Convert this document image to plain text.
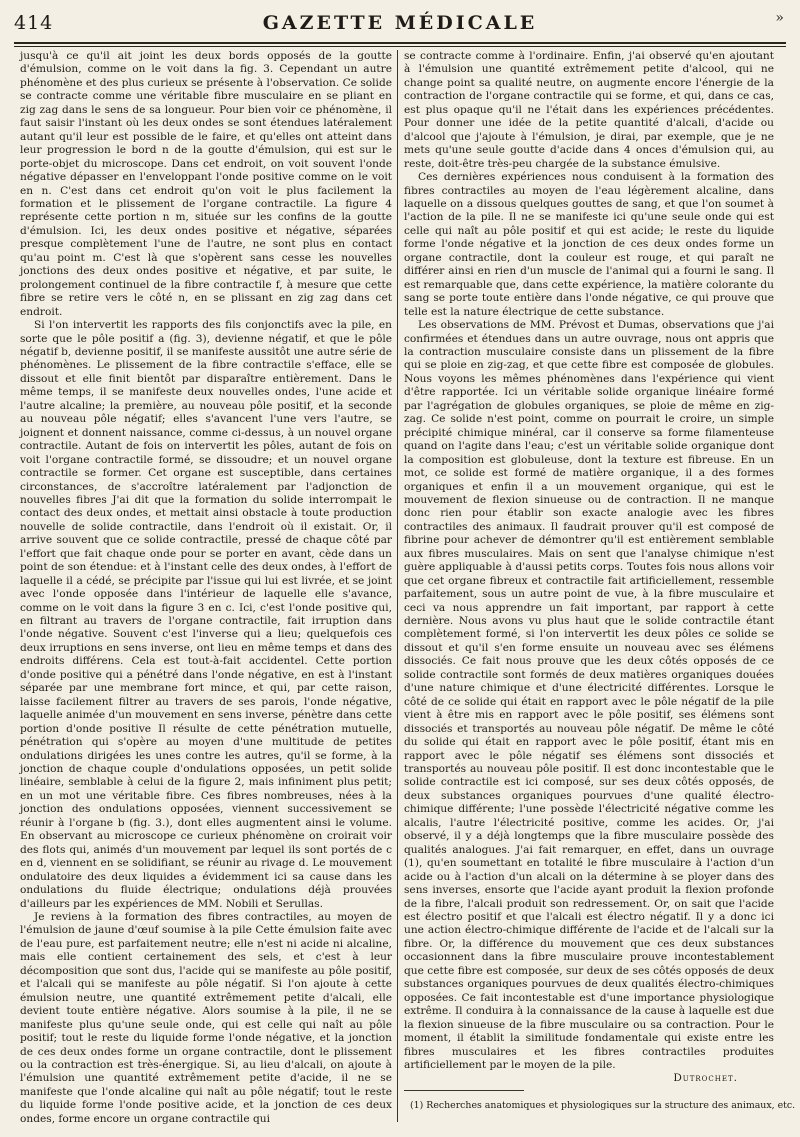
414	GAZETTE MÉDICALE	»

jusqu'à ce qu'il ait joint les deux bords opposés de la goutte d'émulsion, comme on le voit dans la fig. 3. Cependant un autre phénomène et des plus curieux se présente à l'observation. Ce solide se contracte comme une véritable fibre musculaire en se pliant en zig zag dans le sens de sa longueur. Pour bien voir ce phénomène, il faut saisir l'instant où les deux ondes se sont étendues latéralement autant qu'il leur est possible de le faire, et qu'elles ont atteint dans leur progression le bord n de la goutte d'émulsion, qui est sur le porte-objet du microscope. Dans cet endroit, on voit souvent l'onde négative dépasser en l'enveloppant l'onde positive comme on le voit en n. C'est dans cet endroit qu'on voit le plus facilement la formation et le plissement de l'organe contractile. La figure 4 représente cette portion n m, située sur les confins de la goutte d'émulsion. Ici, les deux ondes positive et négative, séparées presque complètement l'une de l'autre, ne sont plus en contact qu'au point m. C'est là que s'opèrent sans cesse les nouvelles jonctions des deux ondes positive et négative, et par suite, le prolongement continuel de la fibre contractile f, à mesure que cette fibre se retire vers le côté n, en se plissant en zig zag dans cet endroit.

Si l'on intervertit les rapports des fils conjonctifs avec la pile, en sorte que le pôle positif a (fig. 3), devienne négatif, et que le pôle négatif b, devienne positif, il se manifeste aussitôt une autre série de phénomènes. Le plissement de la fibre contractile s'efface, elle se dissout et elle finit bientôt par disparaître entièrement. Dans le même temps, il se manifeste deux nouvelles ondes, l'une acide et l'autre alcaline; la première, au nouveau pôle positif, et la seconde au nouveau pôle négatif; elles s'avancent l'une vers l'autre, se joignent et donnent naissance, comme ci-dessus, à un nouvel organe contractile. Autant de fois on intervertit les pôles, autant de fois on voit l'organe contractile formé, se dissoudre; et un nouvel organe contractile se former. Cet organe est susceptible, dans certaines circonstances, de s'accroître latéralement par l'adjonction de nouvelles fibres J'ai dit que la formation du solide interrompait le contact des deux ondes, et mettait ainsi obstacle à toute production nouvelle de solide contractile, dans l'endroit où il existait. Or, il arrive souvent que ce solide contractile, pressé de chaque côté par l'effort que fait chaque onde pour se porter en avant, cède dans un point de son étendue: et à l'instant celle des deux ondes, à l'effort de laquelle il a cédé, se précipite par l'issue qui lui est livrée, et se joint avec l'onde opposée dans l'intérieur de laquelle elle s'avance, comme on le voit dans la figure 3 en c. Ici, c'est l'onde positive qui, en filtrant au travers de l'organe contractile, fait irruption dans l'onde négative. Souvent c'est l'inverse qui a lieu; quelquefois ces deux irruptions en sens inverse, ont lieu en même temps et dans des endroits différens. Cela est tout-à-fait accidentel. Cette portion d'onde positive qui a pénétré dans l'onde négative, en est à l'instant séparée par une membrane fort mince, et qui, par cette raison, laisse facilement filtrer au travers de ses parois, l'onde négative, laquelle animée d'un mouvement en sens inverse, pénètre dans cette portion d'onde positive Il résulte de cette pénétration mutuelle, pénétration qui s'opère au moyen d'une multitude de petites ondulations dirigées les unes contre les autres, qu'il se forme, à la jonction de chaque couple d'ondulations opposées, un petit solide linéaire, semblable à celui de la figure 2, mais infiniment plus petit; en un mot une véritable fibre. Ces fibres nombreuses, nées à la jonction des ondulations opposées, viennent successivement se réunir à l'organe b (fig. 3.), dont elles augmentent ainsi le volume. En observant au microscope ce curieux phénomène on croirait voir des flots qui, animés d'un mouvement par lequel ils sont portés de c en d, viennent en se solidifiant, se réunir au rivage d. Le mouvement ondulatoire des deux liquides a évidemment ici sa cause dans les ondulations du fluide électrique; ondulations déjà prouvées d'ailleurs par les expériences de MM. Nobili et Serullas.

Je reviens à la formation des fibres contractiles, au moyen de l'émulsion de jaune d'œuf soumise à la pile Cette émulsion faite avec de l'eau pure, est parfaitement neutre; elle n'est ni acide ni alcaline, mais elle contient certainement des sels, et c'est à leur décomposition que sont dus, l'acide qui se manifeste au pôle positif, et l'alcali qui se manifeste au pôle négatif. Si l'on ajoute à cette émulsion neutre, une quantité extrêmement petite d'alcali, elle devient toute entière négative. Alors soumise à la pile, il ne se manifeste plus qu'une seule onde, qui est celle qui naît au pôle positif; tout le reste du liquide forme l'onde négative, et la jonction de ces deux ondes forme un organe contractile, dont le plissement ou la contraction est très-énergique. Si, au lieu d'alcali, on ajoute à l'émulsion une quantité extrêmement petite d'acide, il ne se manifeste que l'onde alcaline qui naît au pôle négatif; tout le reste du liquide forme l'onde positive acide, et la jonction de ces deux ondes, forme encore un organe contractile qui

se contracte comme à l'ordinaire. Enfin, j'ai observé qu'en ajoutant à l'émulsion une quantité extrêmement petite d'alcool, qui ne change point sa qualité neutre, on augmente encore l'énergie de la contraction de l'organe contractile qui se forme, et qui, dans ce cas, est plus opaque qu'il ne l'était dans les expériences précédentes. Pour donner une idée de la petite quantité d'alcali, d'acide ou d'alcool que j'ajoute à l'émulsion, je dirai, par exemple, que je ne mets qu'une seule goutte d'acide dans 4 onces d'émulsion qui, au reste, doit-être très-peu chargée de la substance émulsive.

Ces dernières expériences nous conduisent à la formation des fibres contractiles au moyen de l'eau légèrement alcaline, dans laquelle on a dissous quelques gouttes de sang, et que l'on soumet à l'action de la pile. Il ne se manifeste ici qu'une seule onde qui est celle qui naît au pôle positif et qui est acide; le reste du liquide forme l'onde négative et la jonction de ces deux ondes forme un organe contractile, dont la couleur est rouge, et qui paraît ne différer ainsi en rien d'un muscle de l'animal qui a fourni le sang. Il est remarquable que, dans cette expérience, la matière colorante du sang se porte toute entière dans l'onde négative, ce qui prouve que telle est la nature électrique de cette substance.

Les observations de MM. Prévost et Dumas, observations que j'ai confirmées et étendues dans un autre ouvrage, nous ont appris que la contraction musculaire consiste dans un plissement de la fibre qui se ploie en zig-zag, et que cette fibre est composée de globules. Nous voyons les mêmes phénomènes dans l'expérience qui vient d'être rapportée. Ici un véritable solide organique linéaire formé par l'agrégation de globules organiques, se ploie de même en zig-zag. Ce solide n'est point, comme on pourrait le croire, un simple précipité chimique minéral, car il conserve sa forme filamenteuse quand on l'agite dans l'eau; c'est un véritable solide organique dont la composition est globuleuse, dont la texture est fibreuse. En un mot, ce solide est formé de matière organique, il a des formes organiques et enfin il a un mouvement organique, qui est le mouvement de flexion sinueuse ou de contraction. Il ne manque donc rien pour établir son exacte analogie avec les fibres contractiles des animaux. Il faudrait prouver qu'il est composé de fibrine pour achever de démontrer qu'il est entièrement semblable aux fibres musculaires. Mais on sent que l'analyse chimique n'est guère appliquable à d'aussi petits corps. Toutes fois nous allons voir que cet organe fibreux et contractile fait artificiellement, ressemble parfaitement, sous un autre point de vue, à la fibre musculaire et ceci va nous apprendre un fait important, par rapport à cette dernière. Nous avons vu plus haut que le solide contractile étant complètement formé, si l'on intervertit les deux pôles ce solide se dissout et qu'il s'en forme ensuite un nouveau avec ses élémens dissociés. Ce fait nous prouve que les deux côtés opposés de ce solide contractile sont formés de deux matières organiques douées d'une nature chimique et d'une électricité différentes. Lorsque le côté de ce solide qui était en rapport avec le pôle négatif de la pile vient à être mis en rapport avec le pôle positif, ses élémens sont dissociés et transportés au nouveau pôle négatif. De même le côté du solide qui était en rapport avec le pôle positif, étant mis en rapport avec le pôle négatif ses élémens sont dissociés et transportés au nouveau pôle positif. Il est donc incontestable que le solide contractile est ici composé, sur ses deux côtés opposés, de deux substances organiques pourvues d'une qualité électro-chimique différente; l'une possède l'électricité négative comme les alcalis, l'autre l'électricité positive, comme les acides. Or, j'ai observé, il y a déjà longtemps que la fibre musculaire possède des qualités analogues. J'ai fait remarquer, en effet, dans un ouvrage (1), qu'en soumettant en totalité le fibre musculaire à l'action d'un acide ou à l'action d'un alcali on la détermine à se ployer dans des sens inverses, ensorte que l'acide ayant produit la flexion profonde de la fibre, l'alcali produit son redressement. Or, on sait que l'acide est électro positif et que l'alcali est électro négatif. Il y a donc ici une action électro-chimique différente de l'acide et de l'alcali sur la fibre. Or, la différence du mouvement que ces deux substances occasionnent dans la fibre musculaire prouve incontestablement que cette fibre est composée, sur deux de ses côtés opposés de deux substances organiques pourvues de deux qualités électro-chimiques opposées. Ce fait incontestable est d'une importance physiologique extrême. Il conduira à la connaissance de la cause à laquelle est due la flexion sinueuse de la fibre musculaire ou sa contraction. Pour le moment, il établit la similitude fondamentale qui existe entre les fibres musculaires et les fibres contractiles produites artificiellement par le moyen de la pile.

Dutrochet.
(1) Recherches anatomiques et physiologiques sur la structure des animaux, etc.
